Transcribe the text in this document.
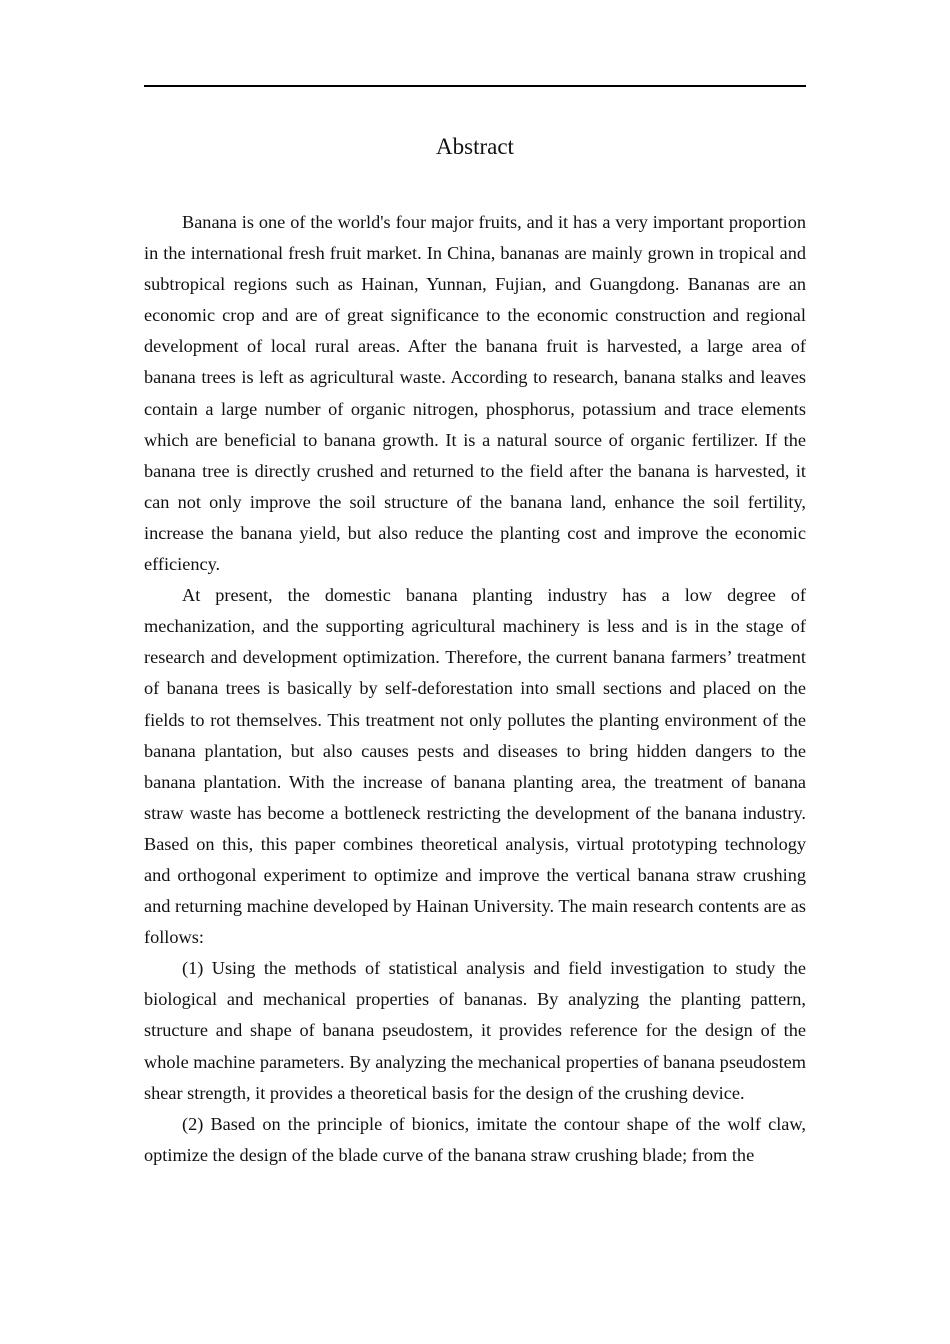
Abstract

Banana is one of the world's four major fruits, and it has a very important proportion in the international fresh fruit market. In China, bananas are mainly grown in tropical and subtropical regions such as Hainan, Yunnan, Fujian, and Guangdong. Bananas are an economic crop and are of great significance to the economic construction and regional development of local rural areas. After the banana fruit is harvested, a large area of banana trees is left as agricultural waste. According to research, banana stalks and leaves contain a large number of organic nitrogen, phosphorus, potassium and trace elements which are beneficial to banana growth. It is a natural source of organic fertilizer. If the banana tree is directly crushed and returned to the field after the banana is harvested, it can not only improve the soil structure of the banana land, enhance the soil fertility, increase the banana yield, but also reduce the planting cost and improve the economic efficiency.

At present, the domestic banana planting industry has a low degree of mechanization, and the supporting agricultural machinery is less and is in the stage of research and development optimization. Therefore, the current banana farmers’ treatment of banana trees is basically by self-deforestation into small sections and placed on the fields to rot themselves. This treatment not only pollutes the planting environment of the banana plantation, but also causes pests and diseases to bring hidden dangers to the banana plantation. With the increase of banana planting area, the treatment of banana straw waste has become a bottleneck restricting the development of the banana industry. Based on this, this paper combines theoretical analysis, virtual prototyping technology and orthogonal experiment to optimize and improve the vertical banana straw crushing and returning machine developed by Hainan University. The main research contents are as follows:

(1) Using the methods of statistical analysis and field investigation to study the biological and mechanical properties of bananas. By analyzing the planting pattern, structure and shape of banana pseudostem, it provides reference for the design of the whole machine parameters. By analyzing the mechanical properties of banana pseudostem shear strength, it provides a theoretical basis for the design of the crushing device.

(2) Based on the principle of bionics, imitate the contour shape of the wolf claw, optimize the design of the blade curve of the banana straw crushing blade; from the
